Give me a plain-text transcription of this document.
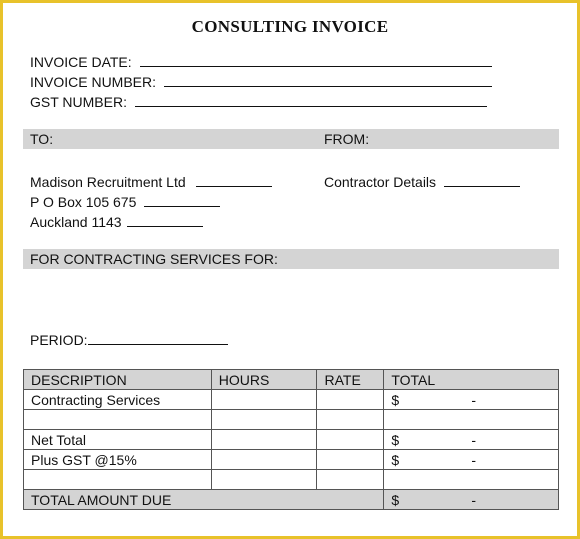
CONSULTING INVOICE
INVOICE DATE:
INVOICE NUMBER:
GST NUMBER:
TO:	FROM:
Madison Recruitment Ltd
P O Box 105 675
Auckland 1143
Contractor Details
FOR CONTRACTING SERVICES FOR:
PERIOD:
DESCRIPTION	HOURS	RATE	TOTAL
Contracting Services			$ -

Net Total			$ -

Plus GST @15%			$ -

TOTAL AMOUNT DUE			$ -
